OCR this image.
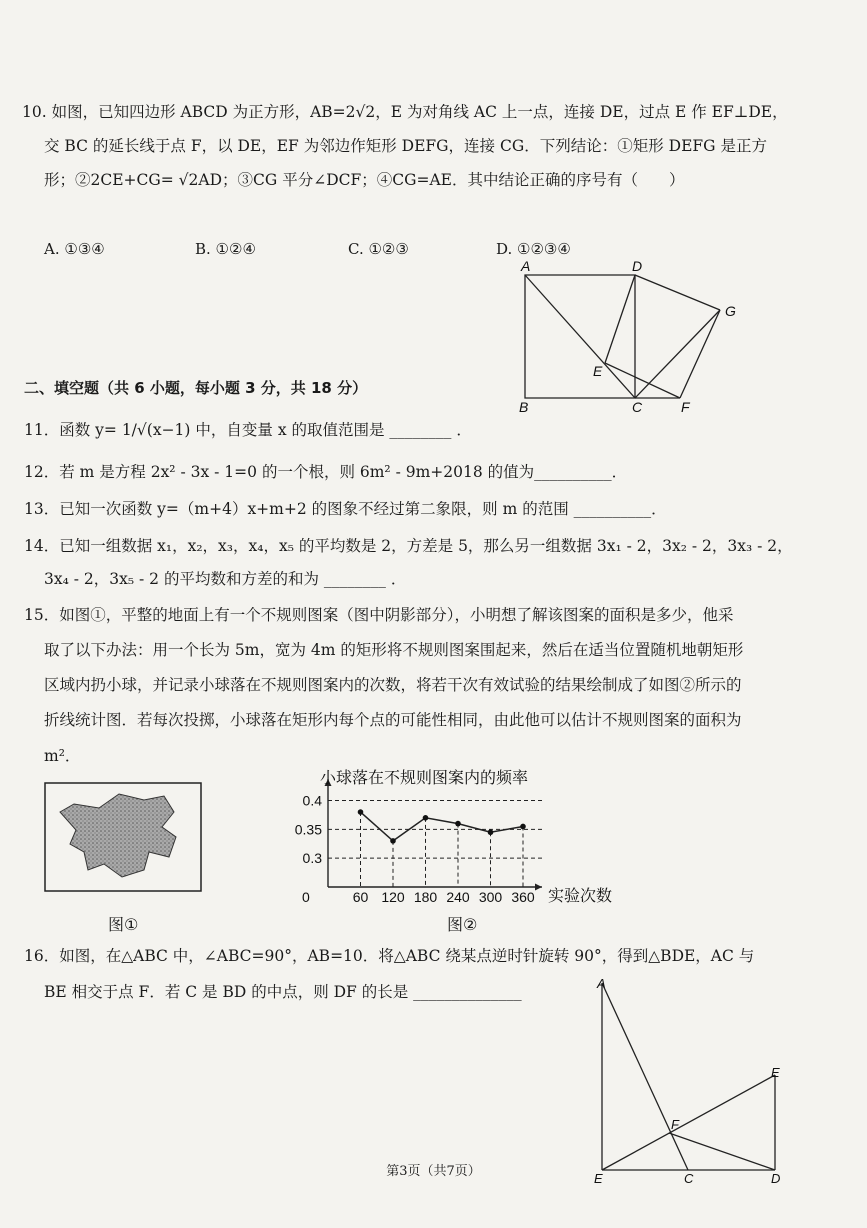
10. 如图，已知四边形 ABCD 为正方形，AB=2√2，E 为对角线 AC 上一点，连接 DE，过点 E 作 EF⊥DE，
交 BC 的延长线于点 F，以 DE，EF 为邻边作矩形 DEFG，连接 CG．下列结论：①矩形 DEFG 是正方
形；②2CE+CG= √2AD；③CG 平分∠DCF；④CG=AE．其中结论正确的序号有（　　）
A. ①③④	B. ①②④	C. ①②③	D. ①②③④
A	D
G
E
B	C	F
二、填空题（共 6 小题，每小题 3 分，共 18 分）
11．函数 y= 1/√(x−1) 中，自变量 x 的取值范围是 ________ ．
12．若 m 是方程 2x² - 3x - 1=0 的一个根，则 6m² - 9m+2018 的值为__________．
13．已知一次函数 y=（m+4）x+m+2 的图象不经过第二象限，则 m 的范围 __________．
14．已知一组数据 x₁，x₂，x₃，x₄，x₅ 的平均数是 2，方差是 5，那么另一组数据 3x₁ - 2，3x₂ - 2，3x₃ - 2，
3x₄ - 2，3x₅ - 2 的平均数和方差的和为 ________ ．
15．如图①，平整的地面上有一个不规则图案（图中阴影部分），小明想了解该图案的面积是多少，他采
取了以下办法：用一个长为 5m，宽为 4m 的矩形将不规则图案围起来，然后在适当位置随机地朝矩形
区域内扔小球，并记录小球落在不规则图案内的次数，将若干次有效试验的结果绘制成了如图②所示的
折线统计图．若每次投掷，小球落在矩形内每个点的可能性相同，由此他可以估计不规则图案的面积为
m²．
图①
小球落在不规则图案内的频率
0.3
0.35
0.4
0	60 120 180 240 300 360 实验次数
图②
16．如图，在△ABC 中，∠ABC=90°，AB=10．将△ABC 绕某点逆时针旋转 90°，得到△BDE，AC 与
BE 相交于点 F．若 C 是 BD 的中点，则 DF 的长是 ______________	A
E
F
E	C	D
第3页（共7页）
